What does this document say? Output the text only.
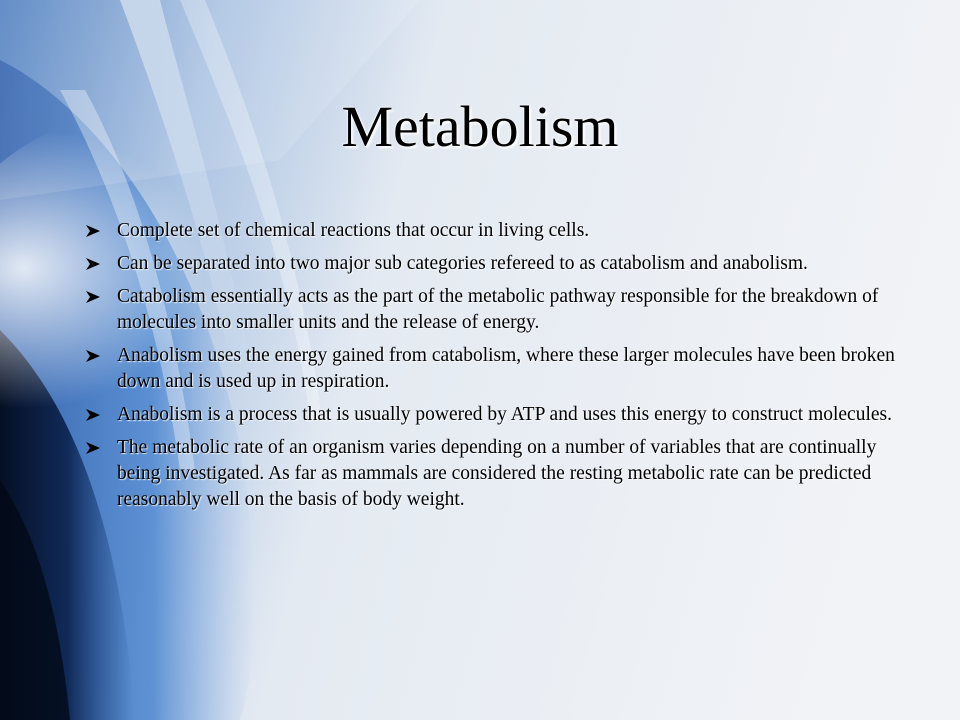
Metabolism
Complete set of chemical reactions that occur in living cells.
Can be separated into two major sub categories refereed to as catabolism and anabolism.
Catabolism essentially acts as the part of the metabolic pathway responsible for the breakdown of molecules into smaller units and the release of energy.
Anabolism uses the energy gained from catabolism, where these larger molecules have been broken down and is used up in respiration.
Anabolism is a process that is usually powered by ATP and uses this energy to construct molecules.
The metabolic rate of an organism varies depending on a number of variables that are continually being investigated. As far as mammals are considered the resting metabolic rate can be predicted reasonably well on the basis of body weight.
